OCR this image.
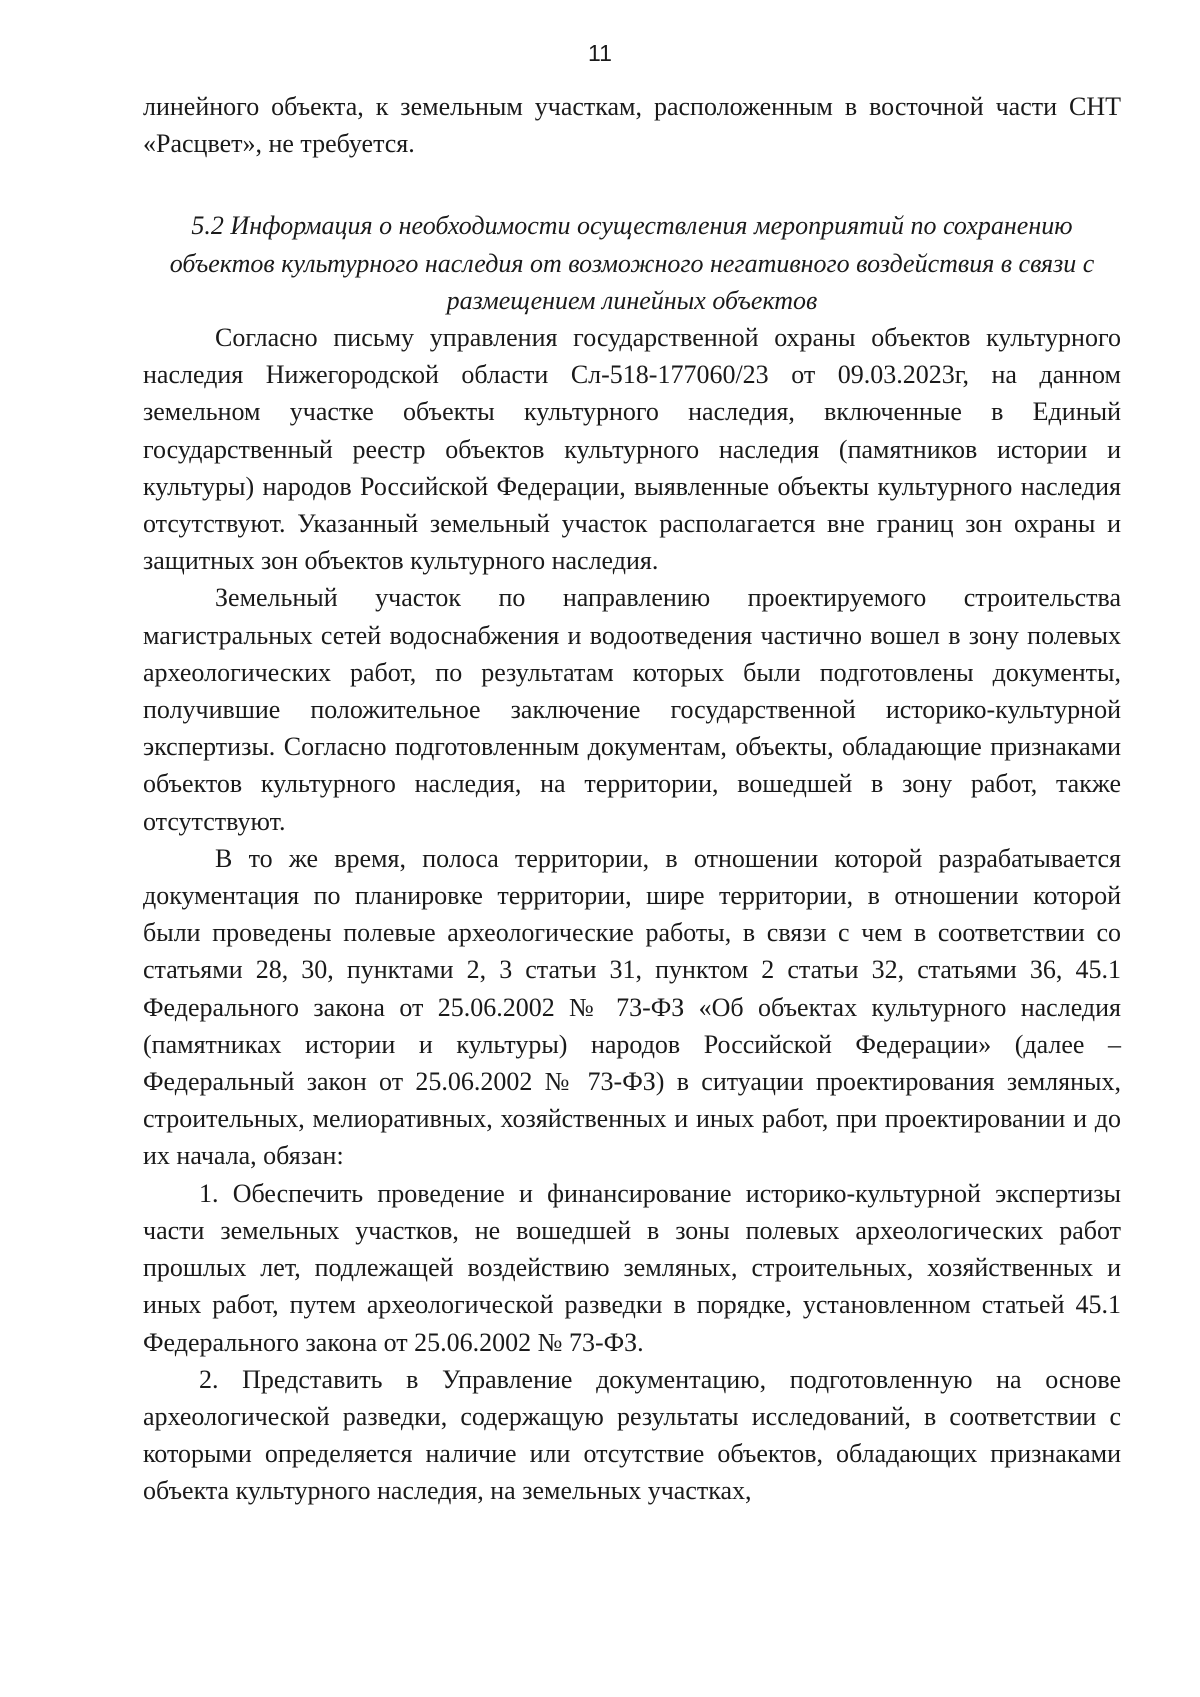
11

линейного объекта, к земельным участкам, расположенным в восточной части СНТ «Расцвет», не требуется.

5.2 Информация о необходимости осуществления мероприятий по сохранению объектов культурного наследия от возможного негативного воздействия в связи с размещением линейных объектов

Согласно письму управления государственной охраны объектов культурного наследия Нижегородской области Сл-518-177060/23 от 09.03.2023г, на данном земельном участке объекты культурного наследия, включенные в Единый государственный реестр объектов культурного наследия (памятников истории и культуры) народов Российской Федерации, выявленные объекты культурного наследия отсутствуют. Указанный земельный участок располагается вне границ зон охраны и защитных зон объектов культурного наследия.

Земельный участок по направлению проектируемого строительства магистральных сетей водоснабжения и водоотведения частично вошел в зону полевых археологических работ, по результатам которых были подготовлены документы, получившие положительное заключение государственной историко-культурной экспертизы. Согласно подготовленным документам, объекты, обладающие признаками объектов культурного наследия, на территории, вошедшей в зону работ, также отсутствуют.

В то же время, полоса территории, в отношении которой разрабатывается документация по планировке территории, шире территории, в отношении которой были проведены полевые археологические работы, в связи с чем в соответствии со статьями 28, 30, пунктами 2, 3 статьи 31, пунктом 2 статьи 32, статьями 36, 45.1 Федерального закона от 25.06.2002 № 73-ФЗ «Об объектах культурного наследия (памятниках истории и культуры) народов Российской Федерации» (далее – Федеральный закон от 25.06.2002 № 73-ФЗ) в ситуации проектирования земляных, строительных, мелиоративных, хозяйственных и иных работ, при проектировании и до их начала, обязан:

1. Обеспечить проведение и финансирование историко-культурной экспертизы части земельных участков, не вошедшей в зоны полевых археологических работ прошлых лет, подлежащей воздействию земляных, строительных, хозяйственных и иных работ, путем археологической разведки в порядке, установленном статьей 45.1 Федерального закона от 25.06.2002 № 73-ФЗ.

2. Представить в Управление документацию, подготовленную на основе археологической разведки, содержащую результаты исследований, в соответствии с которыми определяется наличие или отсутствие объектов, обладающих признаками объекта культурного наследия, на земельных участках,
